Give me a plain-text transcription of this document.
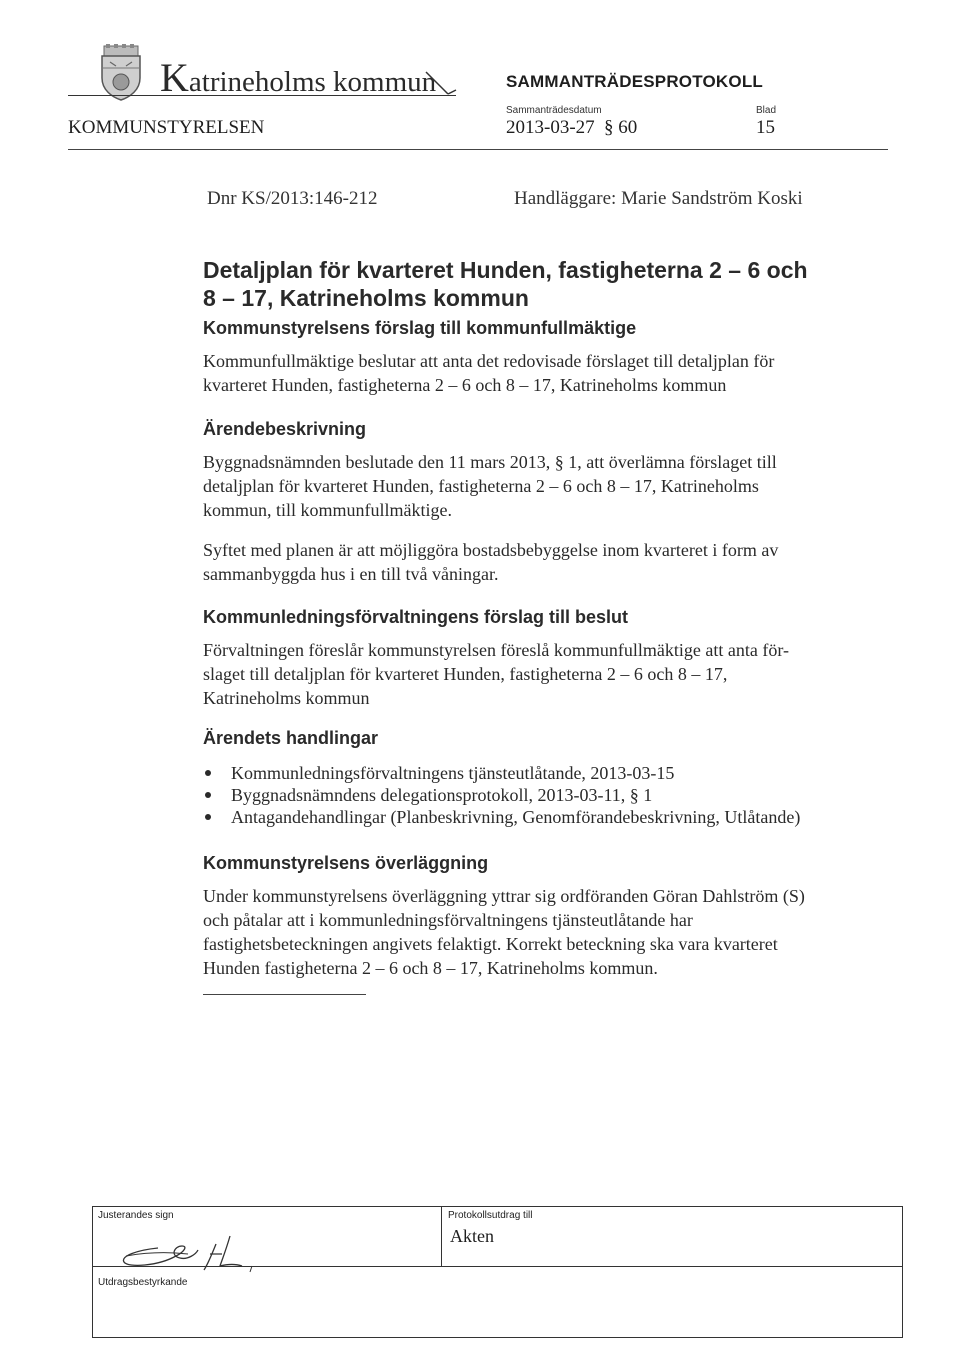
Katrineholms kommun	SAMMANTRÄDESPROTOKOLL
Sammanträdesdatum	Blad
KOMMUNSTYRELSEN	2013-03-27 § 60	15
Dnr KS/2013:146-212	Handläggare: Marie Sandström Koski
Detaljplan för kvarteret Hunden, fastigheterna 2 – 6 och
8 – 17, Katrineholms kommun
Kommunstyrelsens förslag till kommunfullmäktige
Kommunfullmäktige beslutar att anta det redovisade förslaget till detaljplan för
kvarteret Hunden, fastigheterna 2 – 6 och 8 – 17, Katrineholms kommun
Ärendebeskrivning
Byggnadsnämnden beslutade den 11 mars 2013, § 1, att överlämna förslaget till
detaljplan för kvarteret Hunden, fastigheterna 2 – 6 och 8 – 17, Katrineholms
kommun, till kommunfullmäktige.
Syftet med planen är att möjliggöra bostadsbebyggelse inom kvarteret i form av
sammanbyggda hus i en till två våningar.
Kommunledningsförvaltningens förslag till beslut
Förvaltningen föreslår kommunstyrelsen föreslå kommunfullmäktige att anta för-
slaget till detaljplan för kvarteret Hunden, fastigheterna 2 – 6 och 8 – 17,
Katrineholms kommun
Ärendets handlingar
Kommunledningsförvaltningens tjänsteutlåtande, 2013-03-15
Byggnadsnämndens delegationsprotokoll, 2013-03-11, § 1
Antagandehandlingar (Planbeskrivning, Genomförandebeskrivning, Utlåtande)
Kommunstyrelsens överläggning
Under kommunstyrelsens överläggning yttrar sig ordföranden Göran Dahlström (S)
och påtalar att i kommunledningsförvaltningens tjänsteutlåtande har
fastighetsbeteckningen angivets felaktigt. Korrekt beteckning ska vara kvarteret
Hunden fastigheterna 2 – 6 och 8 – 17, Katrineholms kommun.
Justerandes sign	Protokollsutdrag till
Akten
Utdragsbestyrkande
